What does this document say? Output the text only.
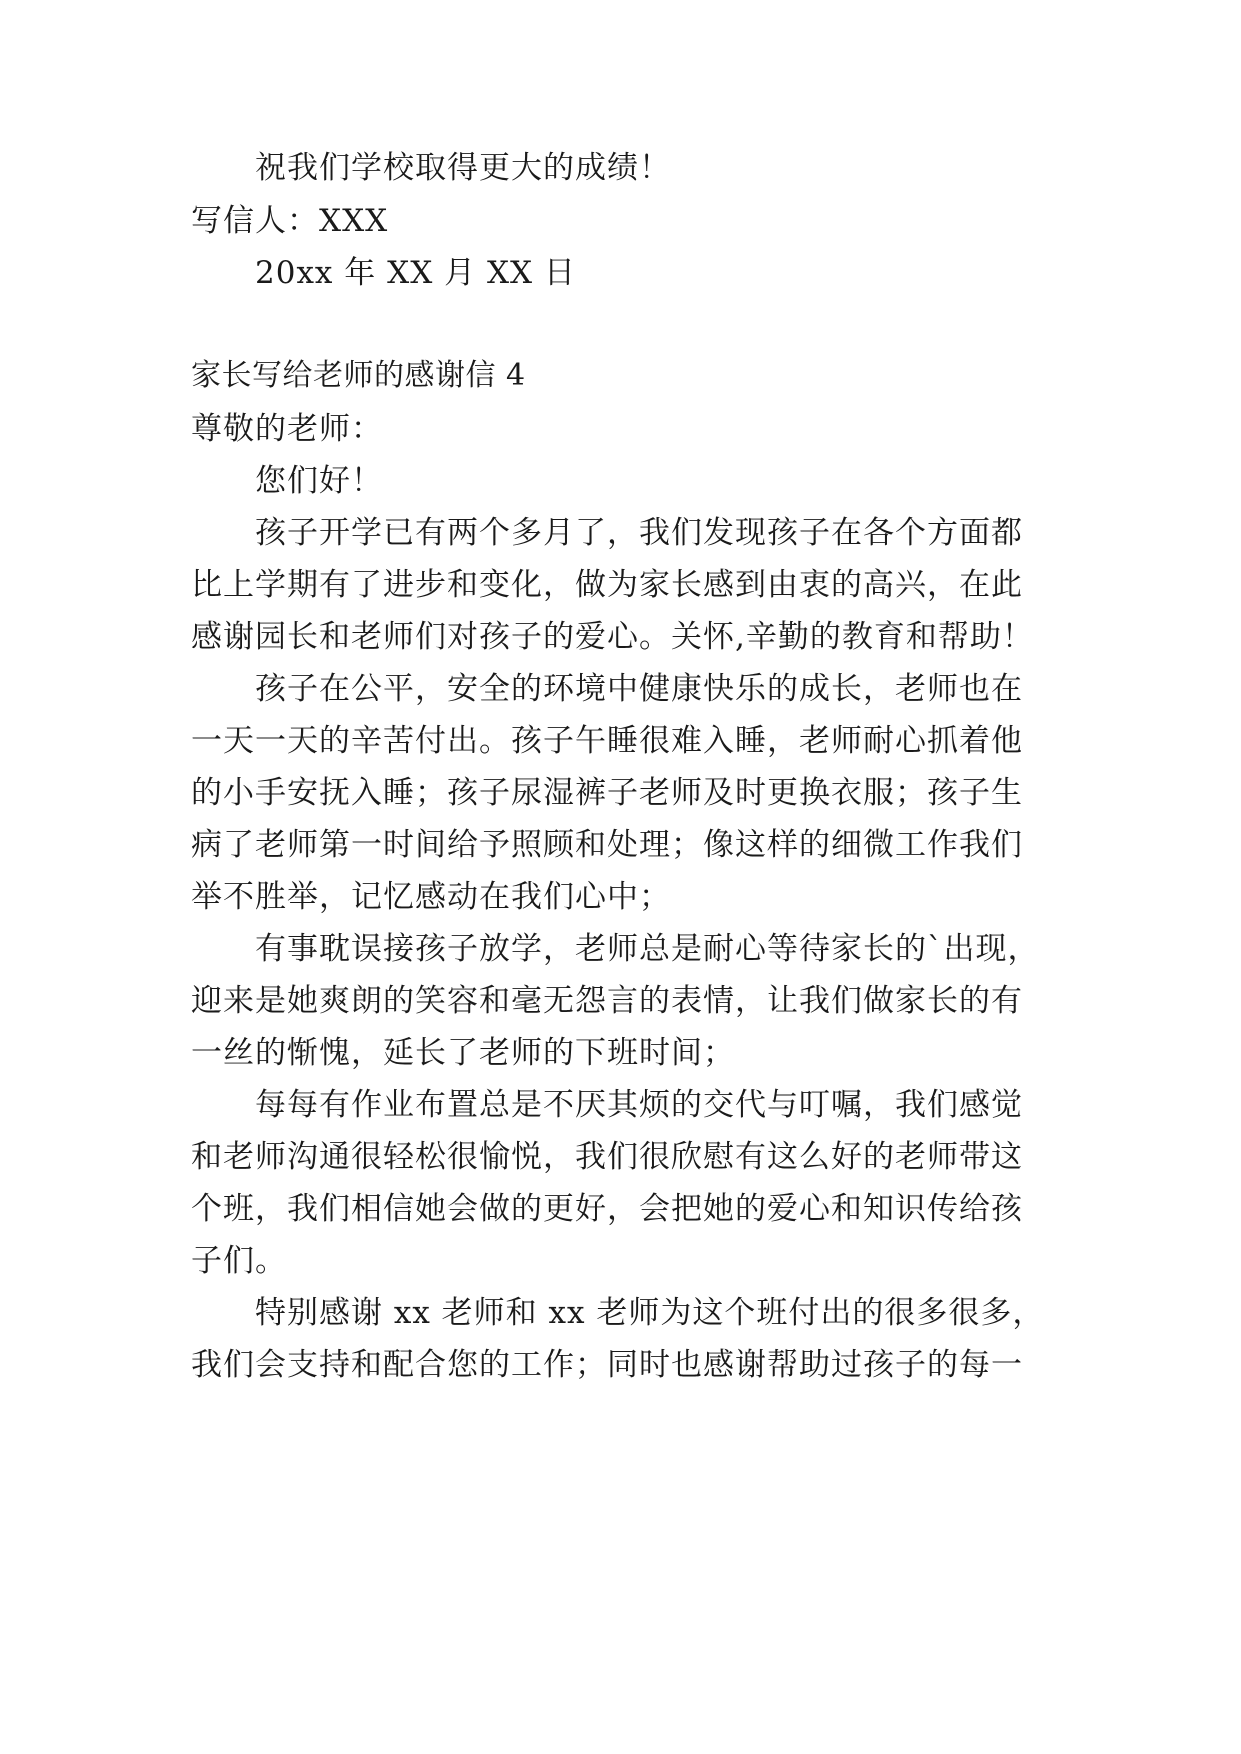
祝我们学校取得更大的成绩！
写信人：XXX
20xx 年 XX 月 XX 日
家长写给老师的感谢信 4
尊敬的老师：
您们好！
孩子开学已有两个多月了，我们发现孩子在各个方面都
比上学期有了进步和变化，做为家长感到由衷的高兴，在此
感谢园长和老师们对孩子的爱心。关怀,辛勤的教育和帮助！
孩子在公平，安全的环境中健康快乐的成长，老师也在
一天一天的辛苦付出。孩子午睡很难入睡，老师耐心抓着他
的小手安抚入睡；孩子尿湿裤子老师及时更换衣服；孩子生
病了老师第一时间给予照顾和处理；像这样的细微工作我们
举不胜举，记忆感动在我们心中；
有事耽误接孩子放学，老师总是耐心等待家长的`出现，
迎来是她爽朗的笑容和毫无怨言的表情，让我们做家长的有
一丝的惭愧，延长了老师的下班时间；
每每有作业布置总是不厌其烦的交代与叮嘱，我们感觉
和老师沟通很轻松很愉悦，我们很欣慰有这么好的老师带这
个班，我们相信她会做的更好，会把她的爱心和知识传给孩
子们。
特别感谢 xx 老师和 xx 老师为这个班付出的很多很多，
我们会支持和配合您的工作；同时也感谢帮助过孩子的每一
